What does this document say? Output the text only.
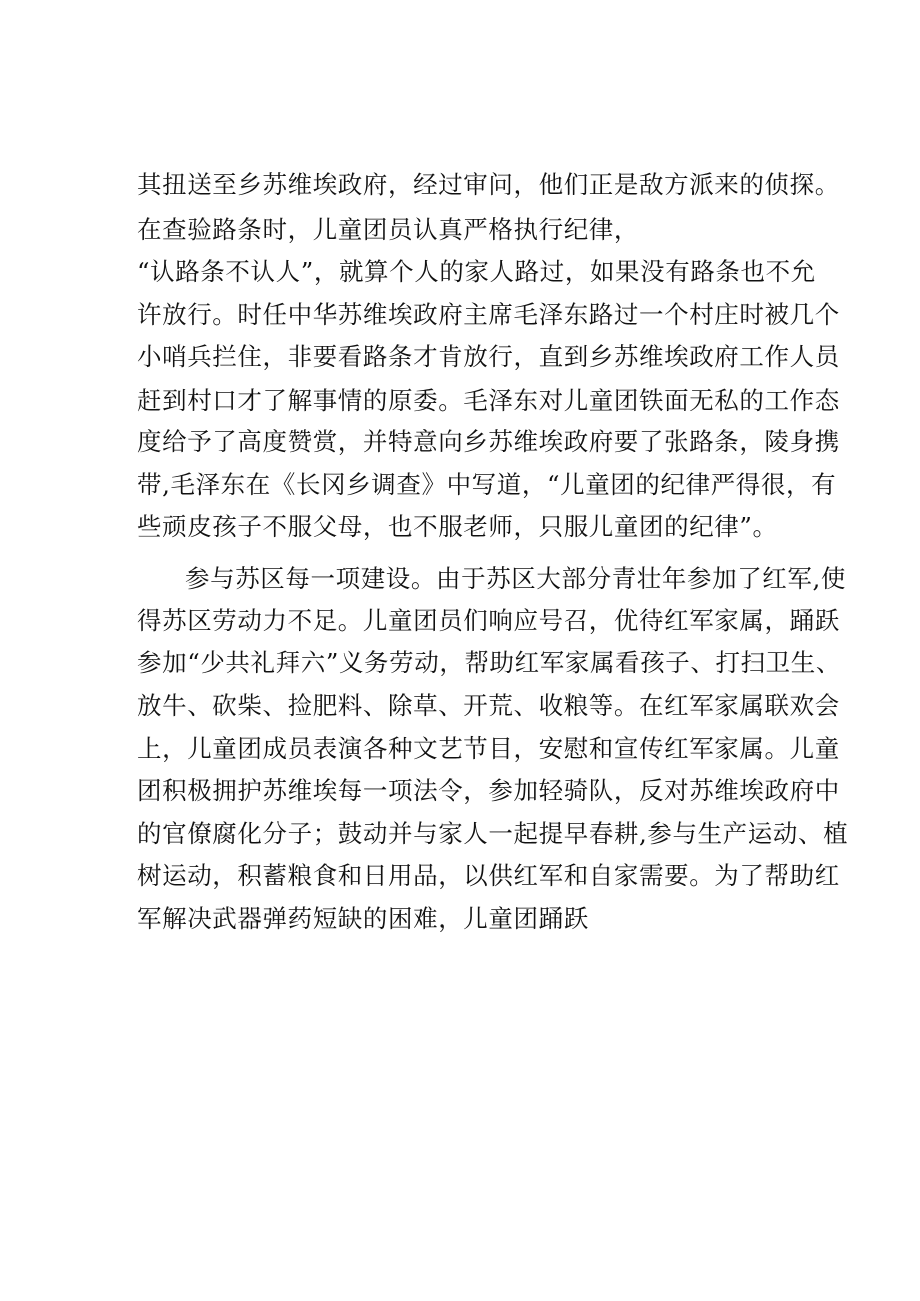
其扭送至乡苏维埃政府，经过审问，他们正是敌方派来的侦探。
在查验路条时，儿童团员认真严格执行纪律，
“认路条不认人”，就算个人的家人路过，如果没有路条也不允
许放行。时任中华苏维埃政府主席毛泽东路过一个村庄时被几个
小哨兵拦住，非要看路条才肯放行，直到乡苏维埃政府工作人员
赶到村口才了解事情的原委。毛泽东对儿童团铁面无私的工作态
度给予了高度赞赏，并特意向乡苏维埃政府要了张路条，陵身携
带,毛泽东在《长冈乡调查》中写道，“儿童团的纪律严得很，有
些顽皮孩子不服父母，也不服老师，只服儿童团的纪律”。
参与苏区每一项建设。由于苏区大部分青壮年参加了红军,使
得苏区劳动力不足。儿童团员们响应号召，优待红军家属，踊跃
参加“少共礼拜六”义务劳动，帮助红军家属看孩子、打扫卫生、
放牛、砍柴、捡肥料、除草、开荒、收粮等。在红军家属联欢会
上，儿童团成员表演各种文艺节目，安慰和宣传红军家属。儿童
团积极拥护苏维埃每一项法令，参加轻骑队，反对苏维埃政府中
的官僚腐化分子；鼓动并与家人一起提早春耕,参与生产运动、植
树运动，积蓄粮食和日用品，以供红军和自家需要。为了帮助红
军解决武器弹药短缺的困难，儿童团踊跃
